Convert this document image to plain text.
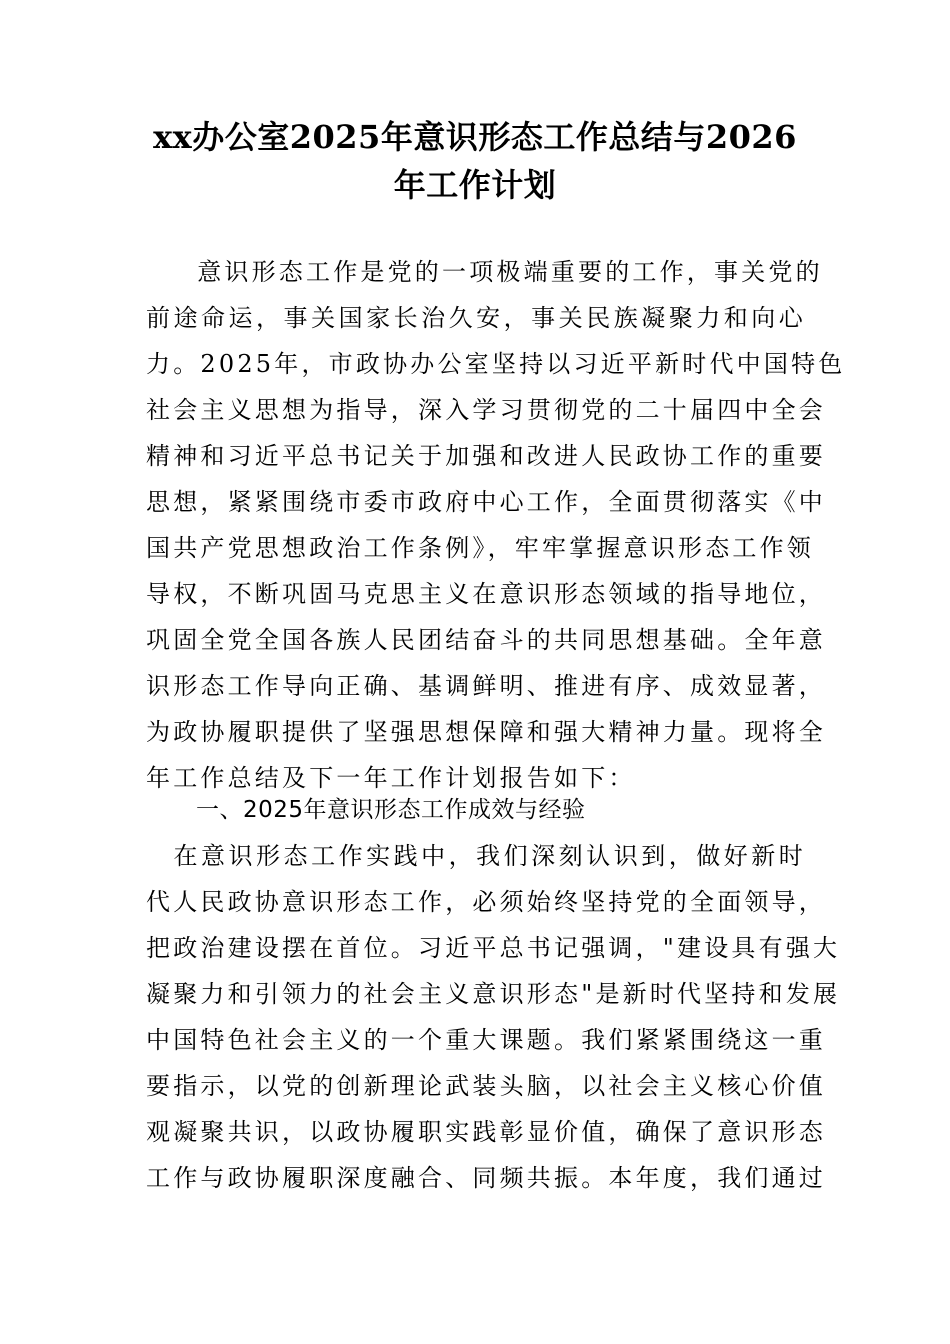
xx办公室2025年意识形态工作总结与2026
年工作计划
　意识形态工作是党的一项极端重要的工作，事关党的
前途命运，事关国家长治久安，事关民族凝聚力和向心
力。2025年，市政协办公室坚持以习近平新时代中国特色
社会主义思想为指导，深入学习贯彻党的二十届四中全会
精神和习近平总书记关于加强和改进人民政协工作的重要
思想，紧紧围绕市委市政府中心工作，全面贯彻落实《中
国共产党思想政治工作条例》，牢牢掌握意识形态工作领
导权，不断巩固马克思主义在意识形态领域的指导地位，
巩固全党全国各族人民团结奋斗的共同思想基础。全年意
识形态工作导向正确、基调鲜明、推进有序、成效显著，
为政协履职提供了坚强思想保障和强大精神力量。现将全
年工作总结及下一年工作计划报告如下：
一、2025年意识形态工作成效与经验
　在意识形态工作实践中，我们深刻认识到，做好新时
代人民政协意识形态工作，必须始终坚持党的全面领导，
把政治建设摆在首位。习近平总书记强调，"建设具有强大
凝聚力和引领力的社会主义意识形态"是新时代坚持和发展
中国特色社会主义的一个重大课题。我们紧紧围绕这一重
要指示，以党的创新理论武装头脑，以社会主义核心价值
观凝聚共识，以政协履职实践彰显价值，确保了意识形态
工作与政协履职深度融合、同频共振。本年度，我们通过
